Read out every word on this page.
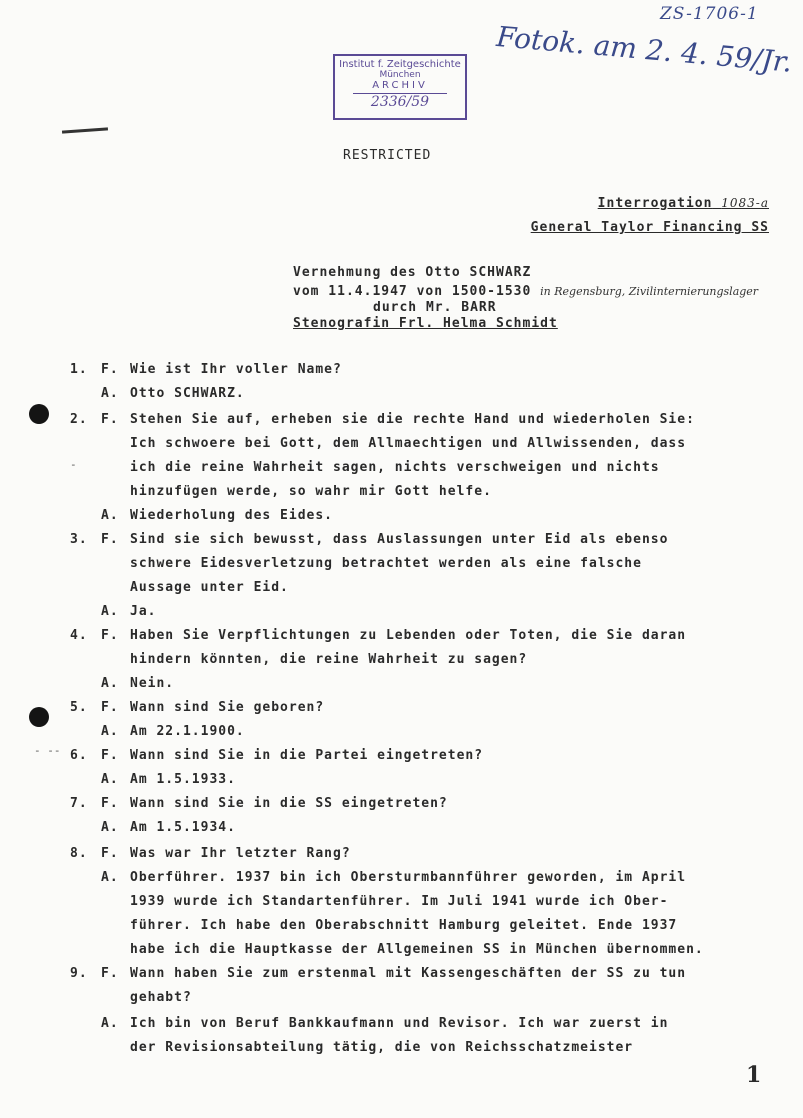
ZS-1706-1
Fotok. am 2. 4. 59/Jr.
Institut f. Zeitgeschichte
München
ARCHIV
2336/59
RESTRICTED
Interrogation 1083-a
General Taylor Financing SS
Vernehmung des Otto SCHWARZ
vom 11.4.1947 von 1500-1530 in Regensburg, Zivilinternierungslager
durch Mr. BARR
Stenografin Frl. Helma Schmidt
-
- --
1. F. Wie ist Ihr voller Name?
A. Otto SCHWARZ.
2. F. Stehen Sie auf, erheben sie die rechte Hand und wiederholen Sie:
Ich schwoere bei Gott, dem Allmaechtigen und Allwissenden, dass
ich die reine Wahrheit sagen, nichts verschweigen und nichts
hinzufügen werde, so wahr mir Gott helfe.
A. Wiederholung des Eides.
3. F. Sind sie sich bewusst, dass Auslassungen unter Eid als ebenso
schwere Eidesverletzung betrachtet werden als eine falsche
Aussage unter Eid.
A. Ja.
4. F. Haben Sie Verpflichtungen zu Lebenden oder Toten, die Sie daran
hindern könnten, die reine Wahrheit zu sagen?
A. Nein.
5. F. Wann sind Sie geboren?
A. Am 22.1.1900.
6. F. Wann sind Sie in die Partei eingetreten?
A. Am 1.5.1933.
7. F. Wann sind Sie in die SS eingetreten?
A. Am 1.5.1934.
8. F. Was war Ihr letzter Rang?
A. Oberführer. 1937 bin ich Obersturmbannführer geworden, im April
1939 wurde ich Standartenführer. Im Juli 1941 wurde ich Ober-
führer. Ich habe den Oberabschnitt Hamburg geleitet. Ende 1937
habe ich die Hauptkasse der Allgemeinen SS in München übernommen.
9. F. Wann haben Sie zum erstenmal mit Kassengeschäften der SS zu tun
gehabt?
A. Ich bin von Beruf Bankkaufmann und Revisor. Ich war zuerst in
der Revisionsabteilung tätig, die von Reichsschatzmeister
1
